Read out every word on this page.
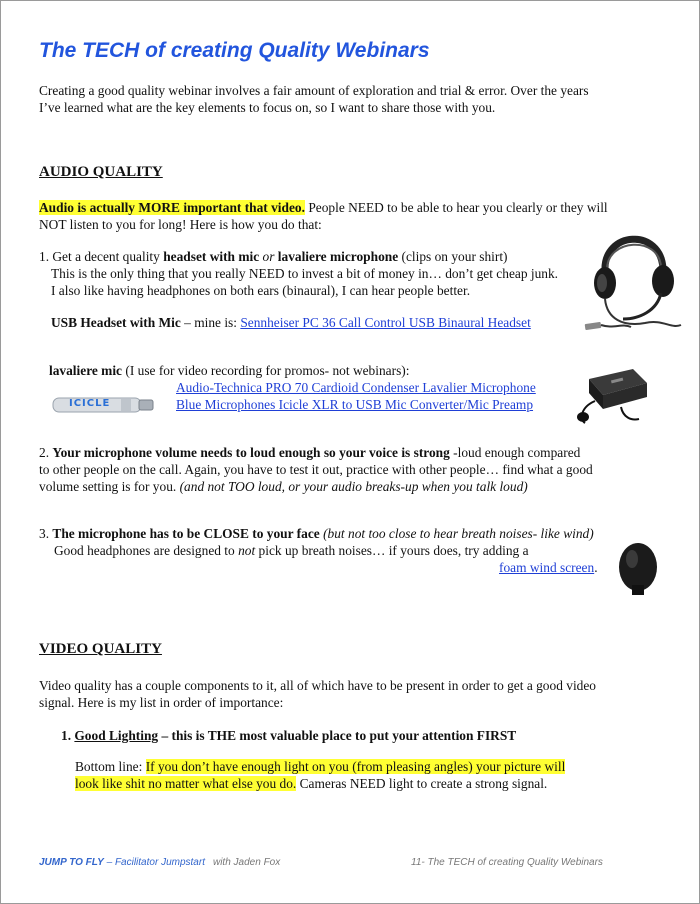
The TECH of creating Quality Webinars
Creating a good quality webinar involves a fair amount of exploration and trial & error. Over the years
I’ve learned what are the key elements to focus on, so I want to share those with you.
AUDIO QUALITY
Audio is actually MORE important that video. People NEED to be able to hear you clearly or they will
NOT listen to you for long! Here is how you do that:
1. Get a decent quality headset with mic or lavaliere microphone (clips on your shirt)
This is the only thing that you really NEED to invest a bit of money in… don’t get cheap junk.
I also like having headphones on both ears (binaural), I can hear people better.
USB Headset with Mic – mine is: Sennheiser PC 36 Call Control USB Binaural Headset
lavaliere mic (I use for video recording for promos- not webinars):
Audio-Technica PRO 70 Cardioid Condenser Lavalier Microphone
Blue Microphones Icicle XLR to USB Mic Converter/Mic Preamp
ICICLE
2. Your microphone volume needs to loud enough so your voice is strong -loud enough compared
to other people on the call. Again, you have to test it out, practice with other people… find what a good
volume setting is for you. (and not TOO loud, or your audio breaks-up when you talk loud)
3. The microphone has to be CLOSE to your face (but not too close to hear breath noises- like wind)
Good headphones are designed to not pick up breath noises… if yours does, try adding a
foam wind screen.
VIDEO QUALITY
Video quality has a couple components to it, all of which have to be present in order to get a good video
signal. Here is my list in order of importance:
1. Good Lighting – this is THE most valuable place to put your attention FIRST
Bottom line: If you don’t have enough light on you (from pleasing angles) your picture will
look like shit no matter what else you do. Cameras NEED light to create a strong signal.
JUMP TO FLY – Facilitator Jumpstart with Jaden Fox	11- The TECH of creating Quality Webinars
